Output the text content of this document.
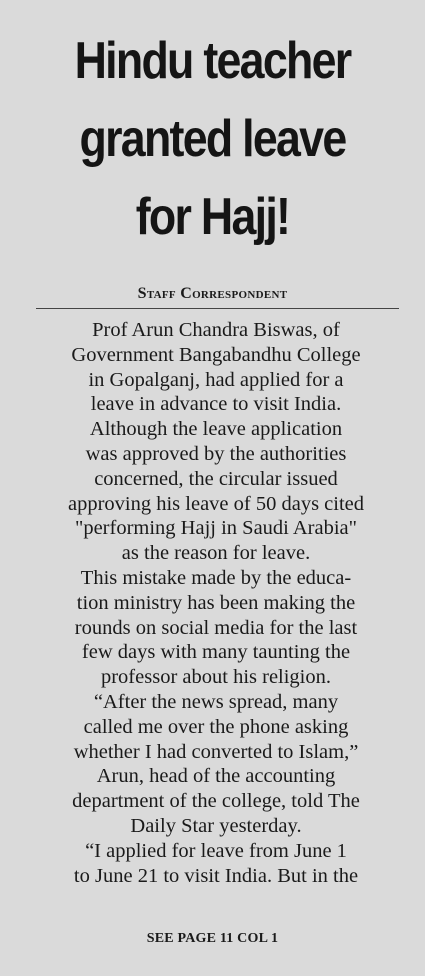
Hindu teacher
granted leave
for Hajj!
Staff Correspondent
Prof Arun Chandra Biswas, of
Government Bangabandhu College
in Gopalganj, had applied for a
leave in advance to visit India.
Although the leave application
was approved by the authorities
concerned, the circular issued
approving his leave of 50 days cited
"performing Hajj in Saudi Arabia"
as the reason for leave.
This mistake made by the educa-
tion ministry has been making the
rounds on social media for the last
few days with many taunting the
professor about his religion.
“After the news spread, many
called me over the phone asking
whether I had converted to Islam,”
Arun, head of the accounting
department of the college, told The
Daily Star yesterday.
“I applied for leave from June 1
to June 21 to visit India. But in the
SEE PAGE 11 COL 1
